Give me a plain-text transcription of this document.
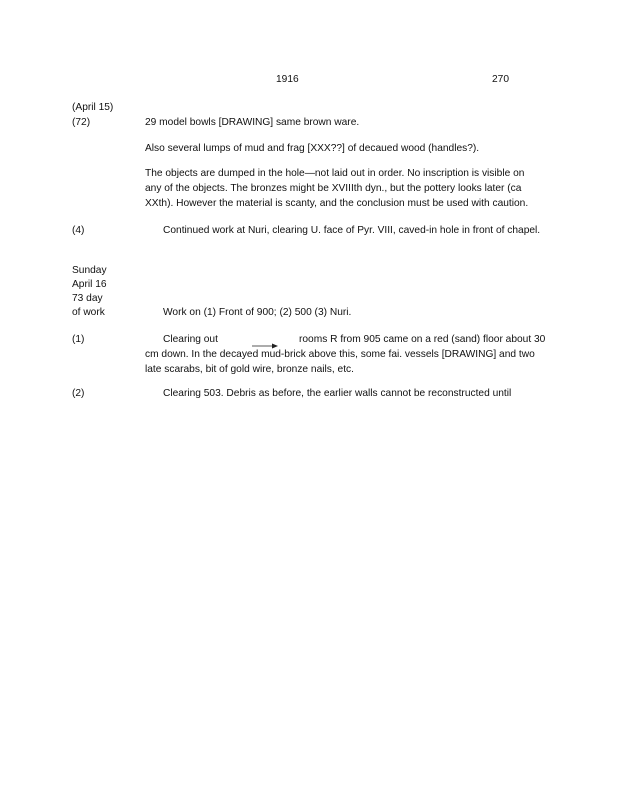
1916	270
(April 15)
(72)	29 model bowls [DRAWING] same brown ware.
Also several lumps of mud and frag [XXX??] of decaued wood (handles?).
The objects are dumped in the hole—not laid out in order. No inscription is visible on any of the objects. The bronzes might be XVIIIth dyn., but the pottery looks later (ca XXth). However the material is scanty, and the conclusion must be used with caution.
(4)	Continued work at Nuri, clearing U. face of Pyr. VIII, caved-in hole in front of chapel.
Sunday
April 16
73 day
of work	Work on (1) Front of 900; (2) 500 (3) Nuri.
(1)	Clearing out	rooms R from 905 came on a red (sand) floor about 30
cm down. In the decayed mud-brick above this, some fai. vessels [DRAWING] and two late scarabs, bit of gold wire, bronze nails, etc.
(2)	Clearing 503. Debris as before, the earlier walls cannot be reconstructed until
